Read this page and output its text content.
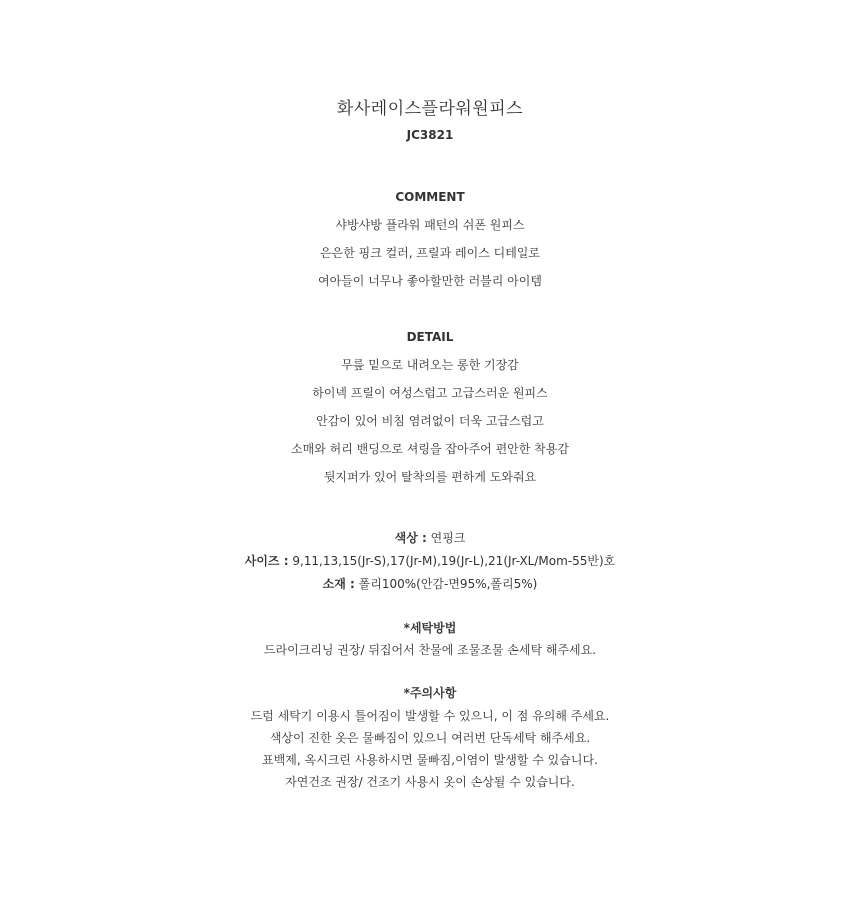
화사레이스플라워원피스
JC3821
COMMENT
샤방샤방 플라워 패턴의 쉬폰 원피스
은은한 핑크 컬러, 프릴과 레이스 디테일로
여아들이 너무나 좋아할만한 러블리 아이템
DETAIL
무릎 밑으로 내려오는 롱한 기장감
하이넥 프릴이 여성스럽고 고급스러운 원피스
안감이 있어 비침 염려없이 더욱 고급스럽고
소매와 허리 밴딩으로 셔링을 잡아주어 편안한 착용감
뒷지퍼가 있어 탈착의를 편하게 도와줘요
색상 : 연핑크
사이즈 : 9,11,13,15(Jr-S),17(Jr-M),19(Jr-L),21(Jr-XL/Mom-55반)호
소재 : 폴리100%(안감-면95%,폴리5%)
*세탁방법
드라이크리닝 권장/ 뒤집어서 찬물에 조물조물 손세탁 해주세요.
*주의사항
드럼 세탁기 이용시 틀어짐이 발생할 수 있으니, 이 점 유의해 주세요.
색상이 진한 옷은 물빠짐이 있으니 여러번 단독세탁 해주세요.
표백제, 옥시크린 사용하시면 물빠짐,이염이 발생할 수 있습니다.
자연건조 권장/ 건조기 사용시 옷이 손상될 수 있습니다.
